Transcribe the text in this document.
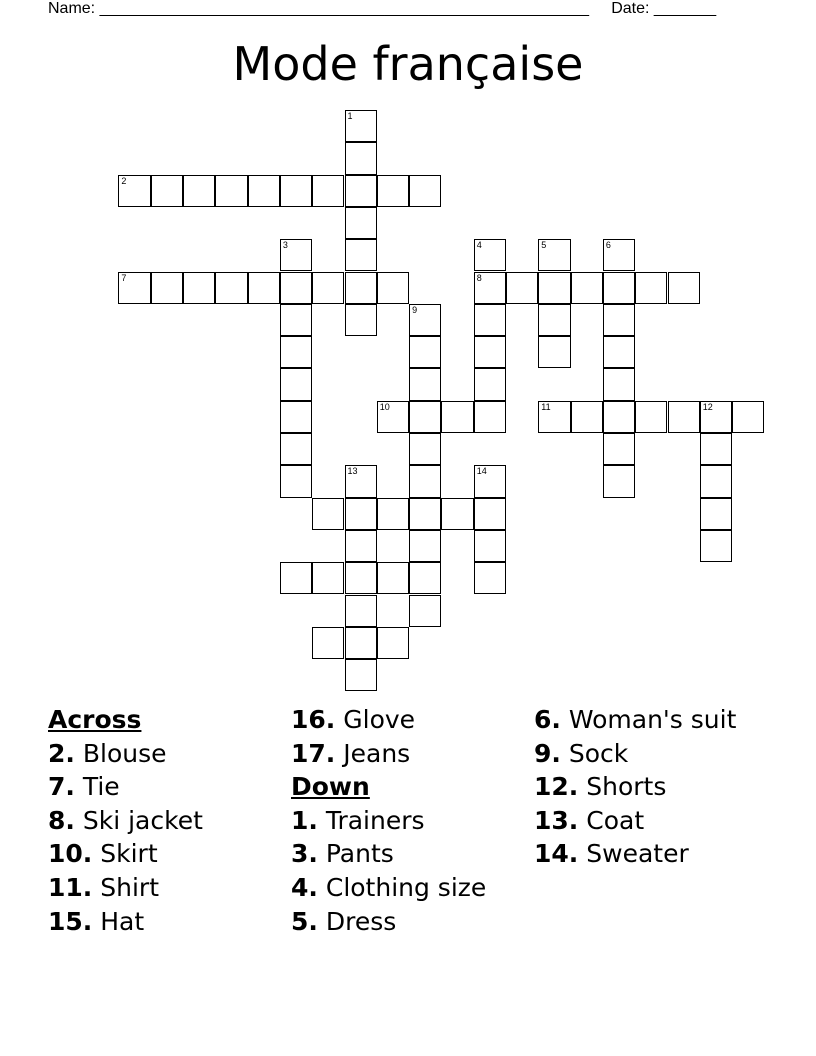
Name: _______________________________________________________     Date: _______
Mode française
1
2
3	4	5	6
7	8
9
10	11	12
13	14
Across
2. Blouse
7. Tie
8. Ski jacket
10. Skirt
11. Shirt
15. Hat
16. Glove
17. Jeans
Down
1. Trainers
3. Pants
4. Clothing size
5. Dress
6. Woman's suit
9. Sock
12. Shorts
13. Coat
14. Sweater
